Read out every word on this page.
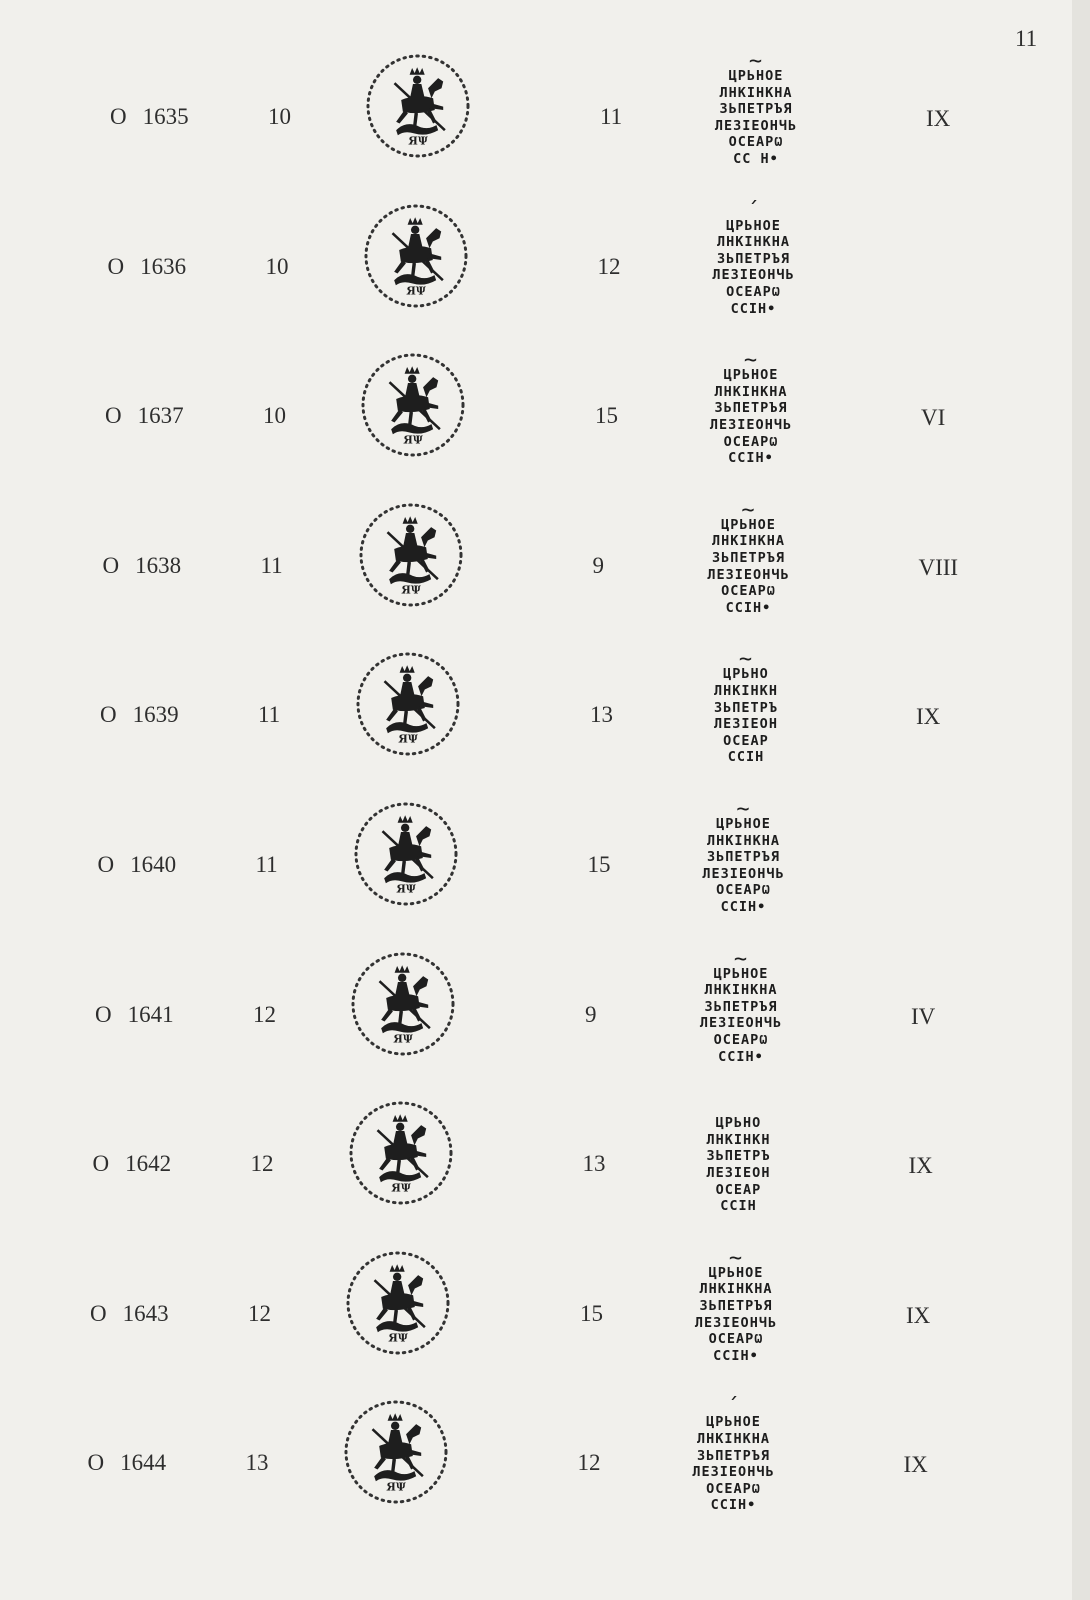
11
O 1635	10	11
~
ЦРЬНОЕ
ЛНКІНКНА
ЗЬПЕТРЪЯ
ЛЕЗІЕОНЧЬ
ОСЕАРѠ
СС Н•
IX
O 1636	10	12
´
ЦРЬНОЕ
ЛНКІНКНА
ЗЬПЕТРЪЯ
ЛЕЗІЕОНЧЬ
ОСЕАРѠ
ССІН•
O 1637	10	15
~
ЦРЬНОЕ
ЛНКІНКНА
ЗЬПЕТРЪЯ
ЛЕЗІЕОНЧЬ
ОСЕАРѠ
ССІН•
VI
O 1638	11	9
~
ЦРЬНОЕ
ЛНКІНКНА
ЗЬПЕТРЪЯ
ЛЕЗІЕОНЧЬ
ОСЕАРѠ
ССІН•
VIII
O 1639	11	13
~
ЦРЬНО
ЛНКІНКН
ЗЬПЕТРЪ
ЛЕЗІЕОН
ОСЕАР
ССІН
IX
O 1640	11	15
~
ЦРЬНОЕ
ЛНКІНКНА
ЗЬПЕТРЪЯ
ЛЕЗІЕОНЧЬ
ОСЕАРѠ
ССІН•
O 1641	12	9
~
ЦРЬНОЕ
ЛНКІНКНА
ЗЬПЕТРЪЯ
ЛЕЗІЕОНЧЬ
ОСЕАРѠ
ССІН•
IV
O 1642	12	13
ЦРЬНО
ЛНКІНКН
ЗЬПЕТРЪ
ЛЕЗІЕОН
ОСЕАР
ССІН
IX
O 1643	12	15
~
ЦРЬНОЕ
ЛНКІНКНА
ЗЬПЕТРЪЯ
ЛЕЗІЕОНЧЬ
ОСЕАРѠ
ССІН•
IX
O 1644	13	12
´
ЦРЬНОЕ
ЛНКІНКНА
ЗЬПЕТРЪЯ
ЛЕЗІЕОНЧЬ
ОСЕАРѠ
ССІН•
IX
